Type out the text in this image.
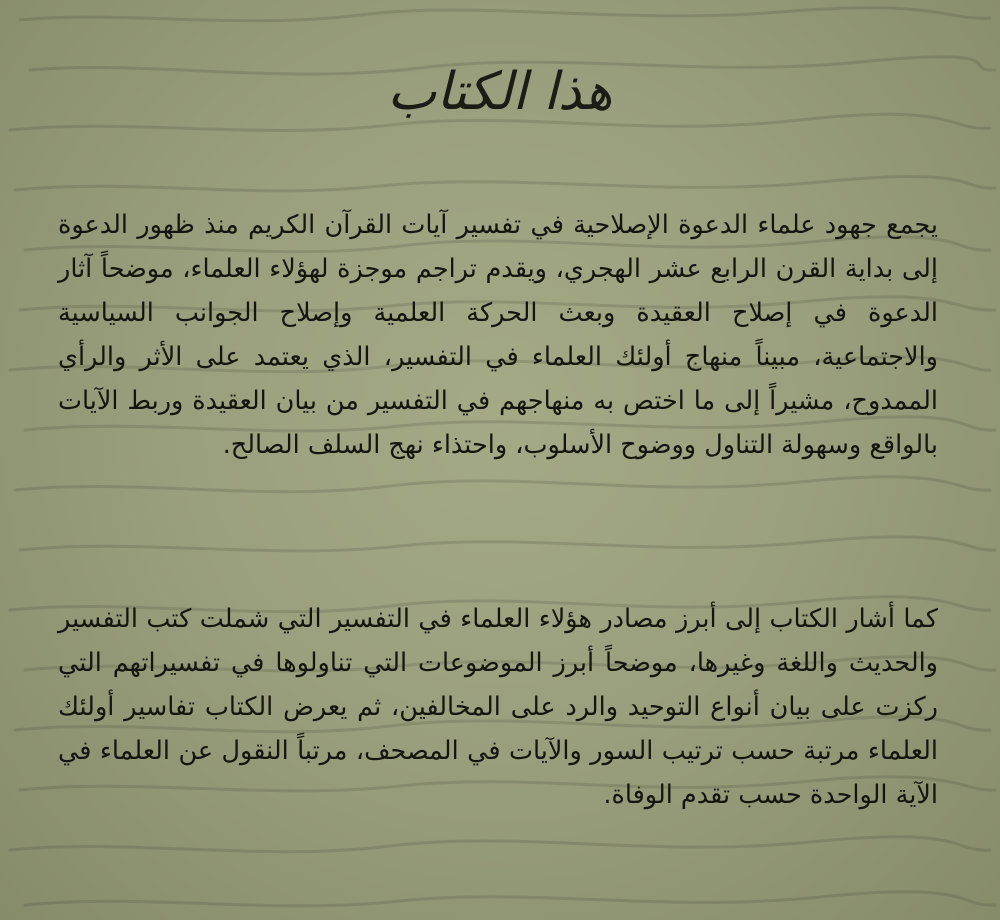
هذا الكتاب

يجمع جهود علماء الدعوة الإصلاحية في تفسير آيات القرآن الكريم منذ ظهور الدعوة إلى بداية القرن الرابع عشر الهجري، ويقدم تراجم موجزة لهؤلاء العلماء، موضحاً آثار الدعوة في إصلاح العقيدة وبعث الحركة العلمية وإصلاح الجوانب السياسية والاجتماعية، مبيناً منهاج أولئك العلماء في التفسير، الذي يعتمد على الأثر والرأي الممدوح، مشيراً إلى ما اختص به منهاجهم في التفسير من بيان العقيدة وربط الآيات بالواقع وسهولة التناول ووضوح الأسلوب، واحتذاء نهج السلف الصالح.

كما أشار الكتاب إلى أبرز مصادر هؤلاء العلماء في التفسير التي شملت كتب التفسير والحديث واللغة وغيرها، موضحاً أبرز الموضوعات التي تناولوها في تفسيراتهم التي ركزت على بيان أنواع التوحيد والرد على المخالفين، ثم يعرض الكتاب تفاسير أولئك العلماء مرتبة حسب ترتيب السور والآيات في المصحف، مرتباً النقول عن العلماء في الآية الواحدة حسب تقدم الوفاة.
